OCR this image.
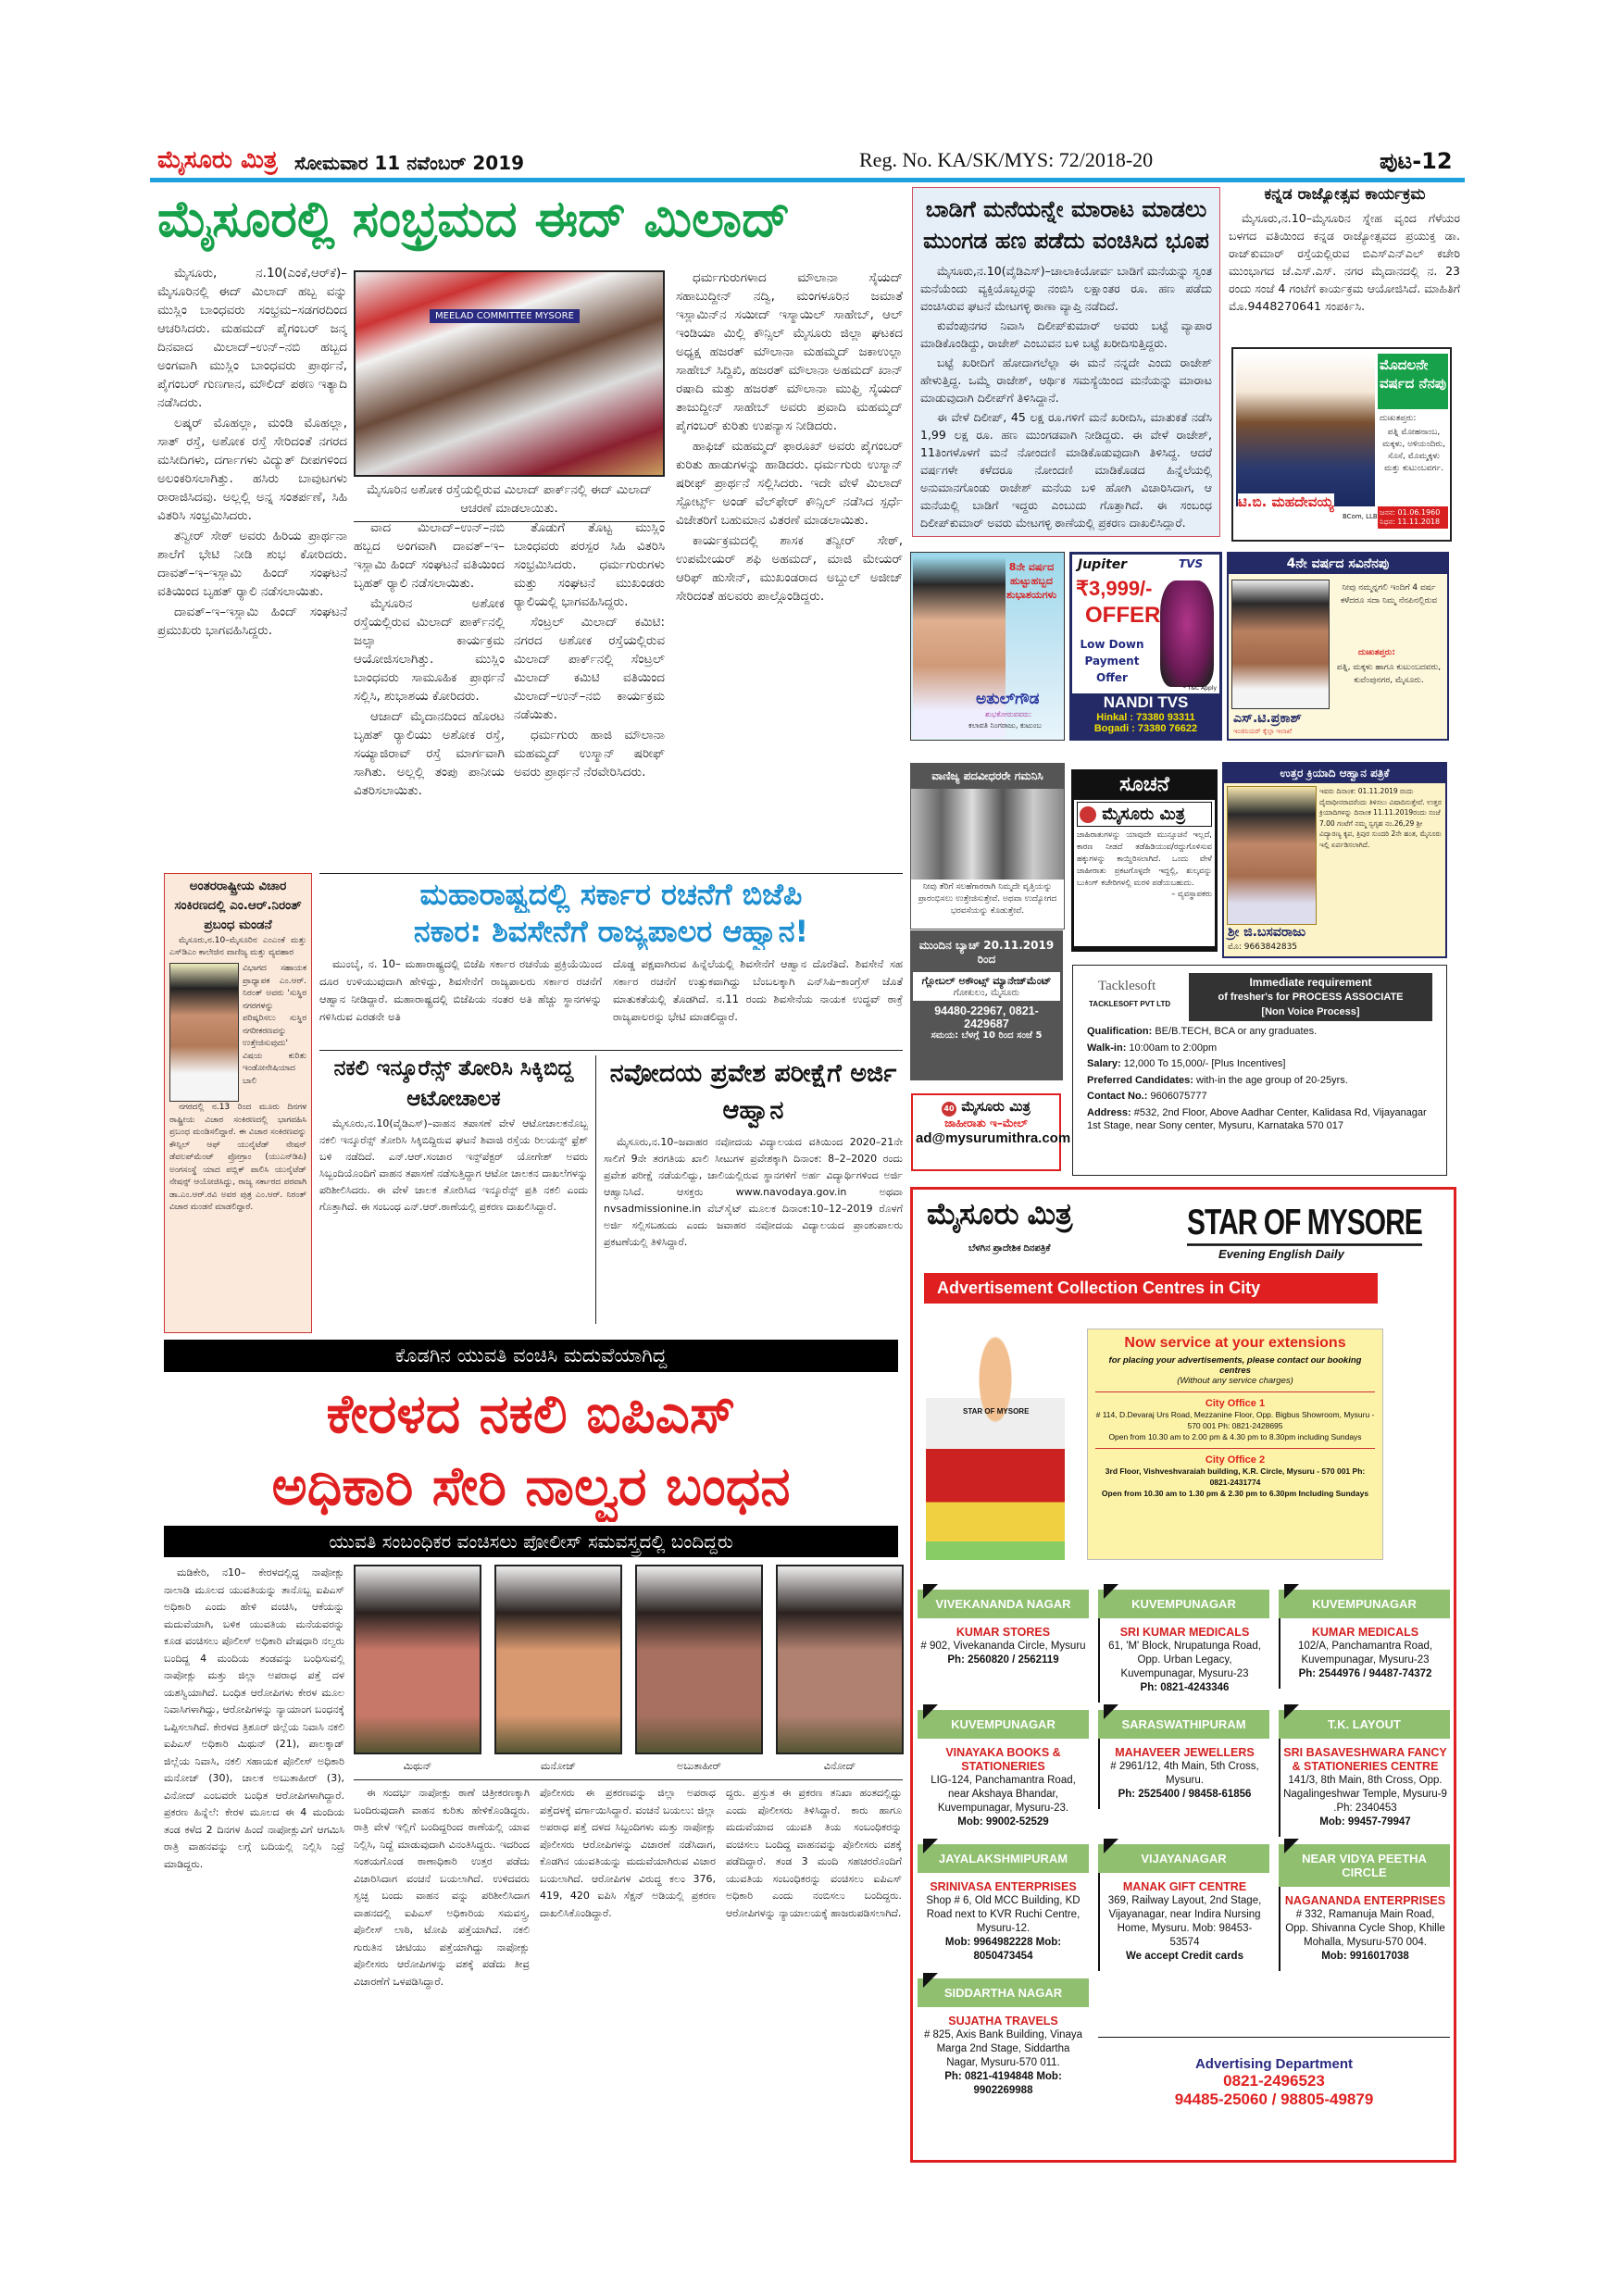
ಮೈಸೂರು ಮಿತ್ರ ಸೋಮವಾರ 11 ನವೆಂಬರ್ 2019	Reg. No. KA/SK/MYS: 72/2018-20	ಪುಟ-12
ಮೈಸೂರಲ್ಲಿ ಸಂಭ್ರಮದ ಈದ್ ಮಿಲಾದ್

ಮೈಸೂರು, ನ.10(ಎಂಕೆ,ಆರ್‌ಕೆ)– ಮೈಸೂರಿನಲ್ಲಿ ಈದ್ ಮಿಲಾದ್ ಹಬ್ಬ ವನ್ನು ಮುಸ್ಲಿಂ ಬಾಂಧವರು ಸಂಭ್ರಮ–ಸಡಗರದಿಂದ ಆಚರಿಸಿದರು. ಮಹಮದ್ ಪೈಗಂಬರ್ ಜನ್ಮ ದಿನವಾದ ಮಿಲಾದ್–ಉನ್–ನಬಿ ಹಬ್ಬದ ಅಂಗವಾಗಿ ಮುಸ್ಲಿಂ ಬಾಂಧವರು ಪ್ರಾರ್ಥನೆ, ಪೈಗಂಬರ್ ಗುಣಗಾನ, ಮೌಲಿದ್ ಪಠಣ ಇತ್ಯಾದಿ ನಡೆಸಿದರು.

ಲಷ್ಕರ್ ಮೊಹಲ್ಲಾ, ಮಂಡಿ ಮೊಹಲ್ಲಾ, ಸಾತ್ ರಸ್ತೆ, ಅಶೋಕ ರಸ್ತೆ ಸೇರಿದಂತೆ ನಗರದ ಮಸೀದಿಗಳು, ದರ್ಗಾಗಳು ವಿದ್ಯುತ್ ದೀಪಗಳಿಂದ ಅಲಂಕರಿಸಲಾಗಿತ್ತು. ಹಸಿರು ಬಾವುಟಗಳು ರಾರಾಜಿಸಿದವು. ಅಲ್ಲಲ್ಲಿ ಅನ್ನ ಸಂತರ್ಪಣೆ, ಸಿಹಿ ವಿತರಿಸಿ ಸಂಭ್ರಮಿಸಿದರು.

ತನ್ವೀರ್ ಸೇಠ್ ಅವರು ಹಿರಿಯ ಪ್ರಾರ್ಥನಾ ಶಾಲೆಗೆ ಭೇಟಿ ನೀಡಿ ಶುಭ ಕೋರಿದರು. ದಾವತ್–ಇ–ಇಸ್ಲಾಮಿ ಹಿಂದ್ ಸಂಘಟನೆ ವತಿಯಿಂದ ಬೃಹತ್ ರ್‍ಯಾಲಿ ನಡೆಸಲಾಯಿತು.

ದಾವತ್–ಇ–ಇಸ್ಲಾಮಿ ಹಿಂದ್ ಸಂಘಟನೆ ಪ್ರಮುಖರು ಭಾಗವಹಿಸಿದ್ದರು.

MEELAD COMMITTEE MYSORE
ಮೈಸೂರಿನ ಅಶೋಕ ರಸ್ತೆಯಲ್ಲಿರುವ ಮಿಲಾದ್ ಪಾರ್ಕ್‌ನಲ್ಲಿ ಈದ್ ಮಿಲಾದ್ ಆಚರಣೆ ಮಾಡಲಾಯಿತು.

ವಾದ ಮಿಲಾದ್–ಉನ್–ನಬಿ ಹಬ್ಬದ ಅಂಗವಾಗಿ ದಾವತ್–ಇ–ಇಸ್ಲಾಮಿ ಹಿಂದ್ ಸಂಘಟನೆ ವತಿಯಿಂದ ಬೃಹತ್ ರ್‍ಯಾಲಿ ನಡೆಸಲಾಯಿತು.

ಮೈಸೂರಿನ ಅಶೋಕ ರಸ್ತೆಯಲ್ಲಿರುವ ಮಿಲಾದ್ ಪಾರ್ಕ್‌ನಲ್ಲಿ ಜಲ್ಸಾ ಕಾರ್ಯಕ್ರಮ ಆಯೋಜಿಸಲಾಗಿತ್ತು. ಮುಸ್ಲಿಂ ಬಾಂಧವರು ಸಾಮೂಹಿಕ ಪ್ರಾರ್ಥನೆ ಸಲ್ಲಿಸಿ, ಶುಭಾಶಯ ಕೋರಿದರು.

ಆಜಾದ್ ಮೈದಾನದಿಂದ ಹೊರಟ ಬೃಹತ್ ರ್‍ಯಾಲಿಯು ಅಶೋಕ ರಸ್ತೆ, ಸಯ್ಯಾಜಿರಾವ್ ರಸ್ತೆ ಮಾರ್ಗವಾಗಿ ಸಾಗಿತು. ಅಲ್ಲಲ್ಲಿ ತಂಪು ಪಾನೀಯ ವಿತರಿಸಲಾಯಿತು.

ತೊಡುಗೆ ತೊಟ್ಟ ಮುಸ್ಲಿಂ ಬಾಂಧವರು ಪರಸ್ಪರ ಸಿಹಿ ವಿತರಿಸಿ ಸಂಭ್ರಮಿಸಿದರು. ಧರ್ಮಗುರುಗಳು ಮತ್ತು ಸಂಘಟನೆ ಮುಖಂಡರು ರ್‍ಯಾಲಿಯಲ್ಲಿ ಭಾಗವಹಿಸಿದ್ದರು.

ಸೆಂಟ್ರಲ್ ಮಿಲಾದ್ ಕಮಿಟಿ: ನಗರದ ಅಶೋಕ ರಸ್ತೆಯಲ್ಲಿರುವ ಮಿಲಾದ್ ಪಾರ್ಕ್‌ನಲ್ಲಿ ಸೆಂಟ್ರಲ್ ಮಿಲಾದ್ ಕಮಿಟಿ ವತಿಯಿಂದ ಮಿಲಾದ್–ಉನ್–ನಬಿ ಕಾರ್ಯಕ್ರಮ ನಡೆಯಿತು.

ಧರ್ಮಗುರು ಹಾಜಿ ಮೌಲಾನಾ ಮಹಮ್ಮದ್ ಉಸ್ಮಾನ್ ಷರೀಫ್ ಅವರು ಪ್ರಾರ್ಥನೆ ನೆರವೇರಿಸಿದರು.

ಧರ್ಮಗುರುಗಳಾದ ಮೌಲಾನಾ ಸೈಯದ್ ಸಹಾಬುದ್ದೀನ್ ನದ್ವಿ, ಮಂಗಳೂರಿನ ಜಮಾತೆ ಇಸ್ಲಾಮಿನ್‌ನ ಸಯೀದ್ ಇಸ್ಮಾಯಿಲ್ ಸಾಹೇಬ್, ಆಲ್ ಇಂಡಿಯಾ ಮಿಲ್ಲಿ ಕೌನ್ಸಿಲ್ ಮೈಸೂರು ಜಿಲ್ಲಾ ಘಟಕದ ಅಧ್ಯಕ್ಷ ಹಜರತ್ ಮೌಲಾನಾ ಮಹಮ್ಮದ್ ಜಕಾಉಲ್ಲಾ ಸಾಹೇಬ್ ಸಿದ್ದಿಖಿ, ಹಜರತ್ ಮೌಲಾನಾ ಅಹಮದ್ ಖಾನ್ ರಷಾದಿ ಮತ್ತು ಹಜರತ್ ಮೌಲಾನಾ ಮುಫ್ತಿ ಸೈಯದ್ ತಾಜುದ್ದೀನ್ ಸಾಹೇಬ್ ಅವರು ಪ್ರವಾದಿ ಮಹಮ್ಮದ್ ಪೈಗಂಬರ್ ಕುರಿತು ಉಪನ್ಯಾಸ ನೀಡಿದರು.

ಹಾಫಿಜ್ ಮಹಮ್ಮದ್ ಫಾರೂಖ್ ಅವರು ಪೈಗಂಬರ್ ಕುರಿತು ಹಾಡುಗಳನ್ನು ಹಾಡಿದರು. ಧರ್ಮಗುರು ಉಸ್ಮಾನ್ ಷರೀಫ್ ಪ್ರಾರ್ಥನೆ ಸಲ್ಲಿಸಿದರು. ಇದೇ ವೇಳೆ ಮಿಲಾದ್ ಸ್ಪೋರ್ಟ್ಸ್ ಅಂಡ್ ವೆಲ್‌ಫೇರ್ ಕೌನ್ಸಿಲ್ ನಡೆಸಿದ ಸ್ಪರ್ಧೆ ವಿಜೇತರಿಗೆ ಬಹುಮಾನ ವಿತರಣೆ ಮಾಡಲಾಯಿತು.

ಕಾರ್ಯಕ್ರಮದಲ್ಲಿ ಶಾಸಕ ತನ್ವೀರ್ ಸೇಠ್, ಉಪಮೇಯರ್ ಶಫಿ ಅಹಮದ್, ಮಾಜಿ ಮೇಯರ್ ಆರಿಫ್ ಹುಸೇನ್, ಮುಖಂಡರಾದ ಅಬ್ದುಲ್ ಅಜೀಜ್ ಸೇರಿದಂತೆ ಹಲವರು ಪಾಲ್ಗೊಂಡಿದ್ದರು.

ಬಾಡಿಗೆ ಮನೆಯನ್ನೇ ಮಾರಾಟ ಮಾಡಲು
ಮುಂಗಡ ಹಣ ಪಡೆದು ವಂಚಿಸಿದ ಭೂಪ

ಮೈಸೂರು,ನ.10(ವೈಡಿಎಸ್)–ಚಾಲಾಕಿಯೋರ್ವ ಬಾಡಿಗೆ ಮನೆಯನ್ನು ಸ್ವಂತ ಮನೆಯೆಂದು ವ್ಯಕ್ತಿಯೊಬ್ಬರನ್ನು ನಂಬಿಸಿ ಲಕ್ಷಾಂತರ ರೂ. ಹಣ ಪಡೆದು ವಂಚಿಸಿರುವ ಘಟನೆ ಮೇಟಗಳ್ಳಿ ಠಾಣಾ ವ್ಯಾಪ್ತಿ ನಡೆದಿದೆ.

ಕುವೆಂಪುನಗರ ನಿವಾಸಿ ದಿಲೀಪ್‌ಕುಮಾರ್ ಅವರು ಬಟ್ಟೆ ವ್ಯಾಪಾರ ಮಾಡಿಕೊಂಡಿದ್ದು, ರಾಜೇಶ್ ಎಂಬುವನ ಬಳಿ ಬಟ್ಟೆ ಖರೀದಿಸುತ್ತಿದ್ದರು.

ಬಟ್ಟೆ ಖರೀದಿಗೆ ಹೋದಾಗಲೆಲ್ಲಾ ಈ ಮನೆ ನನ್ನದೇ ಎಂದು ರಾಜೇಶ್ ಹೇಳುತ್ತಿದ್ದ. ಒಮ್ಮೆ ರಾಜೇಶ್, ಆರ್ಥಿಕ ಸಮಸ್ಯೆಯಿಂದ ಮನೆಯನ್ನು ಮಾರಾಟ ಮಾಡುವುದಾಗಿ ದಿಲೀಪ್‌ಗೆ ತಿಳಿಸಿದ್ದಾನೆ.

ಈ ವೇಳೆ ದಿಲೀಪ್, 45 ಲಕ್ಷ ರೂ.ಗಳಿಗೆ ಮನೆ ಖರೀದಿಸಿ, ಮಾತುಕತೆ ನಡೆಸಿ 1,99 ಲಕ್ಷ ರೂ. ಹಣ ಮುಂಗಡವಾಗಿ ನೀಡಿದ್ದರು. ಈ ವೇಳೆ ರಾಜೇಶ್, 11ತಿಂಗಳೊಳಗೆ ಮನೆ ನೋಂದಣಿ ಮಾಡಿಕೊಡುವುದಾಗಿ ತಿಳಿಸಿದ್ದ. ಆದರೆ ವರ್ಷಗಳೇ ಕಳೆದರೂ ನೋಂದಣಿ ಮಾಡಿಕೊಡದ ಹಿನ್ನೆಲೆಯಲ್ಲಿ ಅನುಮಾನಗೊಂಡು ರಾಜೇಶ್ ಮನೆಯ ಬಳಿ ಹೋಗಿ ವಿಚಾರಿಸಿದಾಗ, ಆ ಮನೆಯಲ್ಲಿ ಬಾಡಿಗೆ ಇದ್ದರು ಎಂಬುದು ಗೊತ್ತಾಗಿದೆ. ಈ ಸಂಬಂಧ ದಿಲೀಪ್‌ಕುಮಾರ್ ಅವರು ಮೇಟಗಳ್ಳಿ ಠಾಣೆಯಲ್ಲಿ ಪ್ರಕರಣ ದಾಖಲಿಸಿದ್ದಾರೆ.

ಕನ್ನಡ ರಾಜ್ಯೋತ್ಸವ ಕಾರ್ಯಕ್ರಮ
ಮೈಸೂರು,ನ.10–ಮೈಸೂರಿನ ಸ್ನೇಹ ವೃಂದ ಗೆಳೆಯರ ಬಳಗದ ವತಿಯಿಂದ ಕನ್ನಡ ರಾಜ್ಯೋತ್ಸವದ ಪ್ರಯುಕ್ತ ಡಾ. ರಾಜ್‌ಕುಮಾರ್ ರಸ್ತೆಯಲ್ಲಿರುವ ಬಿಎಸ್‌ಎನ್‌ಎಲ್ ಕಚೇರಿ ಮುಂಭಾಗದ ಜೆ.ಎಸ್.ಎಸ್. ನಗರ ಮೈದಾನದಲ್ಲಿ ನ. 23 ರಂದು ಸಂಜೆ 4 ಗಂಟೆಗೆ ಕಾರ್ಯಕ್ರಮ ಆಯೋಜಿಸಿದೆ. ಮಾಹಿತಿಗೆ ಮೊ.9448270641 ಸಂಪರ್ಕಿಸಿ.
ಮೊದಲನೇ ವರ್ಷದ ನೆನಪು
ದುಃಖತಪ್ತರು:
ಪತ್ನಿ ಮೋಹನಾಂಬ, ಮಕ್ಕಳು, ಅಳಿಯಂದಿರು, ಸೊಸೆ, ಮೊಮ್ಮಕ್ಕಳು ಮತ್ತು ಕುಟುಂಬವರ್ಗ.
ಟಿ.ಬಿ. ಮಹದೇವಯ್ಯ
BCom, LLB ಜನನ: 01.06.1960
ನಿಧನ: 11.11.2018
8ನೇ ವರ್ಷದ ಹುಟ್ಟುಹಬ್ಬದ ಶುಭಾಶಯಗಳು
ಅತುಲ್‌ಗೌಡ
ಶುಭಕೋರುವವರು:
ಕಲಾವತಿ ನಿಂಗರಾಜು, ಕುಟುಂಬ
Jupiter	TVS
₹3,999/-
OFFER
Low Down Payment Offer
* T&C Apply
NANDI TVS
Hinkal : 73380 93311
Bogadi : 73380 76622
4ನೇ ವರ್ಷದ ಸವಿನೆನಪು
ನೀವು ನಮ್ಮನ್ನಗಲಿ ಇಂದಿಗೆ 4 ವರ್ಷ ಕಳೆದರೂ ಸದಾ ನಿಮ್ಮ ನೆನಪಿನಲ್ಲಿರುವ
ದುಃಖತಪ್ತರು:
ಪತ್ನಿ, ಮಕ್ಕಳು ಹಾಗೂ ಕುಟುಂಬದವರು, ಕುವೆಂಪುನಗರ, ಮೈಸೂರು.
ಎಸ್.ಟಿ.ಪ್ರಕಾಶ್
ಇಂಜಿನಿಯರ್ ಕೈಲ್ಗಾ ಇಲಾಖೆ
ವಾಣಿಜ್ಯ ಪದವೀಧರರೇ ಗಮನಿಸಿ
ನೀವು ತೆರಿಗೆ ಸಲಹೆಗಾರರಾಗಿ ನಿಮ್ಮದೇ ವೃತ್ತಿಯನ್ನು ಪ್ರಾರಂಭಿಸಲು ಉತ್ತೇಜಿಸುತ್ತೇವೆ. ಅಥವಾ ಉದ್ಯೋಗದ ಭರವಸೆಯನ್ನು ಕೊಡುತ್ತೇವೆ.
ಸೂಚನೆ
ಮೈಸೂರು ಮಿತ್ರ
ಜಾಹಿರಾತುಗಳನ್ನು ಯಾವುದೇ ಮುನ್ಸೂಚನೆ ಇಲ್ಲದೆ, ಕಾರಣ ನೀಡದೆ ತಡೆಹಿಡಿಯುವ/ರದ್ದುಗೊಳಿಸುವ ಹಕ್ಕುಗಳನ್ನು ಕಾಯ್ದಿರಿಸಲಾಗಿದೆ. ಒಂದು ವೇಳೆ ಜಾಹೀರಾತು ಪ್ರಕಟಗೊಳ್ಳದೇ ಇದ್ದಲ್ಲಿ, ಶುಲ್ಕವನ್ನು ಬುಕಿಂಗ್ ಕಚೇರಿಗಳಲ್ಲಿ ಮರಳಿ ಪಡೆಯಬಹುದು.
– ವ್ಯವಸ್ಥಾಪಕರು
ಉತ್ತರ ಕ್ರಿಯಾದಿ ಆಹ್ವಾನ ಪತ್ರಿಕೆ
ಇವರು ದಿನಾಂಕ: 01.11.2019 ರಂದು ದೈವಾಧೀನರಾದರೆಂದು ತಿಳಿಸಲು ವಿಷಾದಿಸುತ್ತೇವೆ. ಉತ್ತರ ಕ್ರಿಯಾದಿಗಳನ್ನು ದಿನಾಂಕ 11.11.2019ರಂದು ಸಂಜೆ 7.00 ಗಂಟೆಗೆ ನಮ್ಮ ಸ್ವಗೃಹ ನಂ.26,29 ಶ್ರೀ ವಿದ್ಯಾರಣ್ಯ ಕೃಪ, ತ್ರಿಪುರ ಸುಂದರಿ 2ನೇ ಹಂತ, ಮೈಸೂರು ಇಲ್ಲಿ ಏರ್ಪಡಿಸಲಾಗಿದೆ.
ಶ್ರೀ ಜಿ.ಬಸವರಾಜು
ಮೊ: 9663842835
ಮುಂದಿನ ಬ್ಯಾಚ್ 20.11.2019 ರಿಂದ
ಗ್ಲೋಬಲ್ ಅಕೌಂಟ್ಸ್ ಮ್ಯಾನೇಜ್‌ಮೆಂಟ್
ಗೋಕುಲಂ, ಮೈಸೂರು
94480-22967, 0821-2429687
ಸಮಯ: ಬೆಳಗ್ಗೆ 10 ರಿಂದ ಸಂಜೆ 5
40 ಮೈಸೂರು ಮಿತ್ರ
ಜಾಹೀರಾತು ಇ–ಮೇಲ್
ad@mysurumithra.com
Tacklesoft
TACKLESOFT PVT LTD
Immediate requirement
of fresher's for PROCESS ASSOCIATE
[Non Voice Process]
Qualification: BE/B.TECH, BCA or any graduates.
Walk-in: 10:00am to 2:00pm
Salary: 12,000 To 15,000/- [Plus Incentives]
Preferred Candidates: with-in the age group of 20-25yrs.
Contact No.: 9606075777
Address: #532, 2nd Floor, Above Aadhar Center, Kalidasa Rd, Vijayanagar 1st Stage, near Sony center, Mysuru, Karnataka 570 017
ಮೈಸೂರು ಮಿತ್ರ
ಬೆಳಗಿನ ಪ್ರಾದೇಶಿಕ ದಿನಪತ್ರಿಕೆ
STAR OF MYSORE
Evening English Daily
Advertisement Collection Centres in City
STAR OF MYSORE
Now service at your extensions
for placing your advertisements, please contact our booking centres
(Without any service charges)
City Office 1
# 114, D.Devaraj Urs Road, Mezzanine Floor, Opp. Bigbus Showroom, Mysuru - 570 001 Ph: 0821-2428695
Open from 10.30 am to 2.00 pm & 4.30 pm to 8.30pm including Sundays
City Office 2
3rd Floor, Vishveshvaraiah building, K.R. Circle, Mysuru - 570 001 Ph: 0821-2431774
Open from 10.30 am to 1.30 pm & 2.30 pm to 6.30pm Including Sundays
VIVEKANANDA NAGAR
KUMAR STORES
# 902, Vivekananda Circle, Mysuru
Ph: 2560820 / 2562119
KUVEMPUNAGAR
SRI KUMAR MEDICALS
61, 'M' Block, Nrupatunga Road, Opp. Urban Legacy, Kuvempunagar, Mysuru-23
Ph: 0821-4243346
KUVEMPUNAGAR
KUMAR MEDICALS
102/A, Panchamantra Road, Kuvempunagar, Mysuru-23
Ph: 2544976 / 94487-74372
KUVEMPUNAGAR
VINAYAKA BOOKS & STATIONERIES
LIG-124, Panchamantra Road, near Akshaya Bhandar, Kuvempunagar, Mysuru-23.
Mob: 99002-52529
SARASWATHIPURAM
MAHAVEER JEWELLERS
# 2961/12, 4th Main, 5th Cross, Mysuru.
Ph: 2525400 / 98458-61856
T.K. LAYOUT
SRI BASAVESHWARA FANCY & STATIONERIES CENTRE
141/3, 8th Main, 8th Cross, Opp. Nagalingeshwar Temple, Mysuru-9 .Ph: 2340453
Mob: 99457-79947
JAYALAKSHMIPURAM
SRINIVASA ENTERPRISES
Shop # 6, Old MCC Building, KD Road next to KVR Ruchi Centre, Mysuru-12.
Mob: 9964982228 Mob: 8050473454
VIJAYANAGAR
MANAK GIFT CENTRE
369, Railway Layout, 2nd Stage, Vijayanagar, near Indira Nursing Home, Mysuru. Mob: 98453-53574
We accept Credit cards
NEAR VIDYA PEETHA CIRCLE
NAGANANDA ENTERPRISES
# 332, Ramanuja Main Road, Opp. Shivanna Cycle Shop, Khille Mohalla, Mysuru-570 004.
Mob: 9916017038
SIDDARTHA NAGAR
SUJATHA TRAVELS
# 825, Axis Bank Building, Vinaya Marga 2nd Stage, Siddartha Nagar, Mysuru-570 011.
Ph: 0821-4194848 Mob: 9902269988
Advertising Department
0821-2496523
94485-25060 / 98805-49879
ಅಂತರರಾಷ್ಟ್ರೀಯ ವಿಚಾರ ಸಂಕಿರಣದಲ್ಲಿ ಎಂ.ಆರ್.ನಿರಂತ್ ಪ್ರಬಂಧ ಮಂಡನೆ
ಮೈಸೂರು,ನ.10–ಮೈಸೂರಿನ ಎಂಎಂಕೆ ಮತ್ತು ಎಸ್‌ಡಿಎಂ ಕಾಲೇಜಿನ ವಾಣಿಜ್ಯ ಮತ್ತು ವ್ಯವಹಾರ
ವಿಭಾಗದ ಸಹಾಯಕ ಪ್ರಾಧ್ಯಾಪಕ ಎಂ.ಆರ್. ನಿರಂತ್ ಅವರು 'ಸುಸ್ಥಿರ ನಗರಗಳನ್ನು ಪರಿಷ್ಕರಿಸಲು ಸುಸ್ಥಿರ ನಗರೀಕರಣವನ್ನು ಉತ್ತೇಜಿಸುವುದು' ವಿಷಯ ಕುರಿತು ಇಂಡೋನೇಷಿಯಾದ ಬಾಲಿ
ನಗರದಲ್ಲಿ ನ.13 ರಿಂದ ಮೂರು ದಿನಗಳ ರಾಷ್ಟ್ರೀಯ ವಿಚಾರ ಸಂಕಿರಣದಲ್ಲಿ ಭಾಗವಹಿಸಿ ಪ್ರಬಂಧ ಮಂಡಿಸಲಿದ್ದಾರೆ. ಈ ವಿಚಾರ ಸಂಕಿರಣವನ್ನು ಕೌನ್ಸಿಲ್ ಆಫ್ ಯುನೈಟೆಡ್ ನೇಷನ್ ಡೆವಲಪ್‌ಮೆಂಟ್ ಪ್ರೋಗ್ರಾಂ (ಯುಎನ್‌ಡಿಪಿ) ಅಂಗಸಂಸ್ಥೆ ಯಾದ ಪಬ್ಲಿಕ್ ಪಾಲಿಸಿ ಯುನೈಟೆಡ್ ನೇಷನ್ಸ್ ಆಯೋಜಿಸಿದ್ದು, ರಾಜ್ಯ ಸರ್ಕಾರದ ಪರವಾಗಿ ಡಾ.ಎಂ.ಆರ್.ರವಿ ಅವರ ಪುತ್ರ ಎಂ.ಆರ್. ನಿರಂತ್ ವಿಚಾರ ಮಂಡನೆ ಮಾಡಲಿದ್ದಾರೆ.
ಮಹಾರಾಷ್ಟ್ರದಲ್ಲಿ ಸರ್ಕಾರ ರಚನೆಗೆ ಬಿಜೆಪಿ
ನಕಾರ: ಶಿವಸೇನೆಗೆ ರಾಜ್ಯಪಾಲರ ಆಹ್ವಾನ!
ಮುಂಬೈ, ನ. 10– ಮಹಾರಾಷ್ಟ್ರದಲ್ಲಿ ಬಿಜೆಪಿ ಸರ್ಕಾರ ರಚನೆಯ ಪ್ರಕ್ರಿಯೆಯಿಂದ ದೂರ ಉಳಿಯುವುದಾಗಿ ಹೇಳಿದ್ದು, ಶಿವಸೇನೆಗೆ ರಾಜ್ಯಪಾಲರು ಸರ್ಕಾರ ರಚನೆಗೆ ಆಹ್ವಾನ ನೀಡಿದ್ದಾರೆ. ಮಹಾರಾಷ್ಟ್ರದಲ್ಲಿ ಬಿಜೆಪಿಯ ನಂತರ ಅತಿ ಹೆಚ್ಚು ಸ್ಥಾನಗಳನ್ನು ಗಳಿಸಿರುವ ಎರಡನೇ ಅತಿ
ದೊಡ್ಡ ಪಕ್ಷವಾಗಿರುವ ಹಿನ್ನೆಲೆಯಲ್ಲಿ ಶಿವಸೇನೆಗೆ ಆಹ್ವಾನ ದೊರೆತಿದೆ. ಶಿವಸೇನೆ ಸಹ ಸರ್ಕಾರ ರಚನೆಗೆ ಉತ್ಸುಕವಾಗಿದ್ದು ಬೆಂಬಲಕ್ಕಾಗಿ ಎನ್‌ಸಿಪಿ–ಕಾಂಗ್ರೆಸ್ ಜೊತೆ ಮಾತುಕತೆಯಲ್ಲಿ ತೊಡಗಿದೆ. ನ.11 ರಂದು ಶಿವಸೇನೆಯ ನಾಯಕ ಉದ್ಧವ್ ಠಾಕ್ರೆ ರಾಜ್ಯಪಾಲರನ್ನು ಭೇಟಿ ಮಾಡಲಿದ್ದಾರೆ.
ನಕಲಿ ಇನ್ಶೂರೆನ್ಸ್ ತೋರಿಸಿ ಸಿಕ್ಕಿಬಿದ್ದ ಆಟೋಚಾಲಕ
ಮೈಸೂರು,ನ.10(ವೈಡಿಎಸ್)–ವಾಹನ ತಪಾಸಣೆ ವೇಳೆ ಆಟೋಚಾಲಕನೊಬ್ಬ ನಕಲಿ ಇನ್ಶೂರೆನ್ಸ್ ತೋರಿಸಿ ಸಿಕ್ಕಿಬಿದ್ದಿರುವ ಘಟನೆ ಶಿವಾಜಿ ರಸ್ತೆಯ ರಿಲಯನ್ಸ್ ಫ್ರೆಶ್ ಬಳಿ ನಡೆದಿದೆ. ಎನ್.ಆರ್.ಸಂಚಾರ ಇನ್ಸ್‌ಪೆಕ್ಟರ್ ಯೋಗೇಶ್ ಅವರು ಸಿಬ್ಬಂದಿಯೊಂದಿಗೆ ವಾಹನ ತಪಾಸಣೆ ನಡೆಸುತ್ತಿದ್ದಾಗ ಆಟೋ ಚಾಲಕನ ದಾಖಲೆಗಳನ್ನು ಪರಿಶೀಲಿಸಿದರು. ಈ ವೇಳೆ ಚಾಲಕ ತೋರಿಸಿದ ಇನ್ಶೂರೆನ್ಸ್ ಪ್ರತಿ ನಕಲಿ ಎಂದು ಗೊತ್ತಾಗಿದೆ. ಈ ಸಂಬಂಧ ಎನ್.ಆರ್.ಠಾಣೆಯಲ್ಲಿ ಪ್ರಕರಣ ದಾಖಲಿಸಿದ್ದಾರೆ.
ನವೋದಯ ಪ್ರವೇಶ ಪರೀಕ್ಷೆಗೆ ಅರ್ಜಿ ಆಹ್ವಾನ
ಮೈಸೂರು,ನ.10–ಜವಾಹರ ನವೋದಯ ವಿದ್ಯಾಲಯದ ವತಿಯಿಂದ 2020–21ನೇ ಸಾಲಿಗೆ 9ನೇ ತರಗತಿಯ ಖಾಲಿ ಸೀಟುಗಳ ಪ್ರವೇಶಕ್ಕಾಗಿ ದಿನಾಂಕ: 8–2–2020 ರಂದು ಪ್ರವೇಶ ಪರೀಕ್ಷೆ ನಡೆಯಲಿದ್ದು, ಜಾಲಿಯಲ್ಲಿರುವ ಸ್ಥಾನಗಳಿಗೆ ಅರ್ಹ ವಿದ್ಯಾರ್ಥಿಗಳಿಂದ ಅರ್ಜಿ ಆಹ್ವಾನಿಸಿದೆ. ಆಸಕ್ತರು www.navodaya.gov.in ಅಥವಾ nvsadmissionine.in ವೆಬ್‌ಸೈಟ್ ಮೂಲಕ ದಿನಾಂಕ:10–12–2019 ರೊಳಗೆ ಅರ್ಜಿ ಸಲ್ಲಿಸಬಹುದು ಎಂದು ಜವಾಹರ ನವೋದಯ ವಿದ್ಯಾಲಯದ ಪ್ರಾಂಶುಪಾಲರು ಪ್ರಕಟಣೆಯಲ್ಲಿ ತಿಳಿಸಿದ್ದಾರೆ.
ಕೊಡಗಿನ ಯುವತಿ ವಂಚಿಸಿ ಮದುವೆಯಾಗಿದ್ದ
ಕೇರಳದ ನಕಲಿ ಐಪಿಎಸ್
ಅಧಿಕಾರಿ ಸೇರಿ ನಾಲ್ವರ ಬಂಧನ
ಯುವತಿ ಸಂಬಂಧಿಕರ ವಂಚಿಸಲು ಪೋಲೀಸ್ ಸಮವಸ್ತ್ರದಲ್ಲಿ ಬಂದಿದ್ದರು
ಮಡಿಕೇರಿ, ನ10– ಕೇರಳದಲ್ಲಿದ್ದ ನಾಪೋಕ್ಲು ನಾಲಾಡಿ ಮೂಲದ ಯುವತಿಯನ್ನು ತಾನೊಬ್ಬ ಐಪಿಎಸ್ ಅಧಿಕಾರಿ ಎಂದು ಹೇಳಿ ವಂಚಿಸಿ, ಆಕೆಯನ್ನು ಮದುವೆಯಾಗಿ, ಬಳಿಕ ಯುವತಿಯ ಮನೆಯವರನ್ನು ಕೂಡ ವಂಚಿಸಲು ಪೊಲೀಸ್ ಅಧಿಕಾರಿ ವೇಷಧಾರಿ ನಲ್ವರು ಬಂದಿದ್ದ 4 ಮಂದಿಯ ತಂಡವನ್ನು ಬಂಧಿಸುವಲ್ಲಿ ನಾಪೋಕ್ಲು ಮತ್ತು ಜಿಲ್ಲಾ ಅಪರಾಧ ಪತ್ತೆ ದಳ ಯಶಸ್ವಿಯಾಗಿದೆ. ಬಂಧಿತ ಆರೋಪಿಗಳು ಕೇರಳ ಮೂಲ ನಿವಾಸಿಗಳಾಗಿದ್ದು, ಆರೋಪಿಗಳನ್ನು ನ್ಯಾಯಾಂಗ ಬಂಧನಕ್ಕೆ ಒಪ್ಪಿಸಲಾಗಿದೆ. ಕೇರಳದ ತ್ರಿಶೂರ್ ಜಿಲ್ಲೆಯ ನಿವಾಸಿ ನಕಲಿ ಐಪಿಎಸ್ ಅಧಿಕಾರಿ ಮಿಥುನ್ (21), ಪಾಲಕ್ಕಾಡ್ ಜಿಲ್ಲೆಯ ನಿವಾಸಿ, ನಕಲಿ ಸಹಾಯಕ ಪೊಲೀಸ್ ಅಧಿಕಾರಿ ಮನೋಜ್ (30), ಚಾಲಕ ಅಬುತಾಹೀರ್ (3), ವಿನೋದ್ ಎಂಬವರೇ ಬಂಧಿತ ಆರೋಪಿಗಳಾಗಿದ್ದಾರೆ. ಪ್ರಕರಣ ಹಿನ್ನೆಲೆ: ಕೇರಳ ಮೂಲದ ಈ 4 ಮಂದಿಯ ತಂಡ ಕಳೆದ 2 ದಿನಗಳ ಹಿಂದೆ ನಾಪೋಕ್ಲುವಿಗೆ ಆಗಮಿಸಿ ರಾತ್ರಿ ವಾಹನವನ್ನು ಲಗ್ಗೆ ಬದಿಯಲ್ಲಿ ನಿಲ್ಲಿಸಿ ನಿದ್ರೆ ಮಾಡಿದ್ದರು.
ಮಿಥುನ್	ಮನೋಜ್	ಅಬುತಾಹೀರ್	ವಿನೋದ್
ಈ ಸಂದರ್ಭ ನಾಪೋಕ್ಲು ಠಾಣೆ ಚಿತ್ರೀಕರಣಕ್ಕಾಗಿ ಬಂದಿರುವುದಾಗಿ ವಾಹನ ಕುರಿತು ಹೇಳಿಕೊಂಡಿದ್ದರು. ರಾತ್ರಿ ವೇಳೆ ಇಲ್ಲಿಗೆ ಬಂದಿದ್ದರಿಂದ ಠಾಣೆಯಲ್ಲಿ ಯಾವ ನಿಲ್ಲಿಸಿ, ನಿದ್ದೆ ಮಾಡುವುದಾಗಿ ವಿನಂತಿಸಿದ್ದರು. ಇದರಿಂದ ಸಂಶಯಗೊಂಡ ಠಾಣಾಧಿಕಾರಿ ಉತ್ತರ ಪಡೆದು ವಿಚಾರಿಸಿದಾಗ ವಂಚನೆ ಬಯಲಾಗಿದೆ. ಉಳಿದವರು ಸ್ವಚ್ಛ ಬಂದು ವಾಹನ ವನ್ನು ಪರಿಶೀಲಿಸಿದಾಗ ವಾಹನದಲ್ಲಿ ಐಪಿಎಸ್ ಅಧಿಕಾರಿಯ ಸಮವಸ್ತ್ರ, ಪೊಲೀಸ್ ಲಾಠಿ, ಟೋಪಿ ಪತ್ತೆಯಾಗಿದೆ. ನಕಲಿ ಗುರುತಿನ ಚೀಟಿಯು ಪತ್ತೆಯಾಗಿದ್ದು ನಾಪೋಕ್ಲು ಪೊಲೀಸರು ಆರೋಪಿಗಳನ್ನು ವಶಕ್ಕೆ ಪಡೆದು ತೀವ್ರ ವಿಚಾರಣೆಗೆ ಒಳಪಡಿಸಿದ್ದಾರೆ.
ಪೊಲೀಸರು ಈ ಪ್ರಕರಣವನ್ನು ಜಿಲ್ಲಾ ಅಪರಾಧ ಪತ್ತೆದಳಕ್ಕೆ ವರ್ಗಾಯಿಸಿದ್ದಾರೆ. ವಂಚನೆ ಬಯಲು: ಜಿಲ್ಲಾ ಅಪರಾಧ ಪತ್ತೆ ದಳದ ಸಿಬ್ಬಂದಿಗಳು ಮತ್ತು ನಾಪೋಕ್ಲು ಪೊಲೀಸರು ಆರೋಪಿಗಳನ್ನು ವಿಚಾರಣೆ ನಡೆಸಿದಾಗ, ಕೊಡಗಿನ ಯುವತಿಯನ್ನು ಮದುವೆಯಾಗಿರುವ ವಿಚಾರ ಬಯಲಾಗಿದೆ. ಆರೋಪಿಗಳ ವಿರುದ್ಧ ಕಲಂ 376, 419, 420 ಐಪಿಸಿ ಸೆಕ್ಷನ್ ಅಡಿಯಲ್ಲಿ ಪ್ರಕರಣ ದಾಖಲಿಸಿಕೊಂಡಿದ್ದಾರೆ.
ದ್ದರು. ಪ್ರಸ್ತುತ ಈ ಪ್ರಕರಣ ತನಿಖಾ ಹಂತದಲ್ಲಿದ್ದು ಎಂದು ಪೊಲೀಸರು ತಿಳಿಸಿದ್ದಾರೆ. ಕಾರು ಹಾಗೂ ಮದುವೆಯಾದ ಯುವತಿ ತಿಯ ಸಂಬಂಧಿಕರನ್ನು ವಂಚಿಸಲು ಬಂದಿದ್ದ ವಾಹನವನ್ನು ಪೊಲೀಸರು ವಶಕ್ಕೆ ಪಡೆದಿದ್ದಾರೆ. ತಂಡ 3 ಮಂದಿ ಸಹಚರರೊಂದಿಗೆ ಯುವತಿಯ ಸಂಬಂಧಿಕರನ್ನು ವಂಚಿಸಲು ಐಪಿಎಸ್ ಅಧಿಕಾರಿ ಎಂದು ನಂಬಿಸಲು ಬಂದಿದ್ದರು. ಆರೋಪಿಗಳನ್ನು ನ್ಯಾಯಾಲಯಕ್ಕೆ ಹಾಜರುಪಡಿಸಲಾಗಿದೆ.
